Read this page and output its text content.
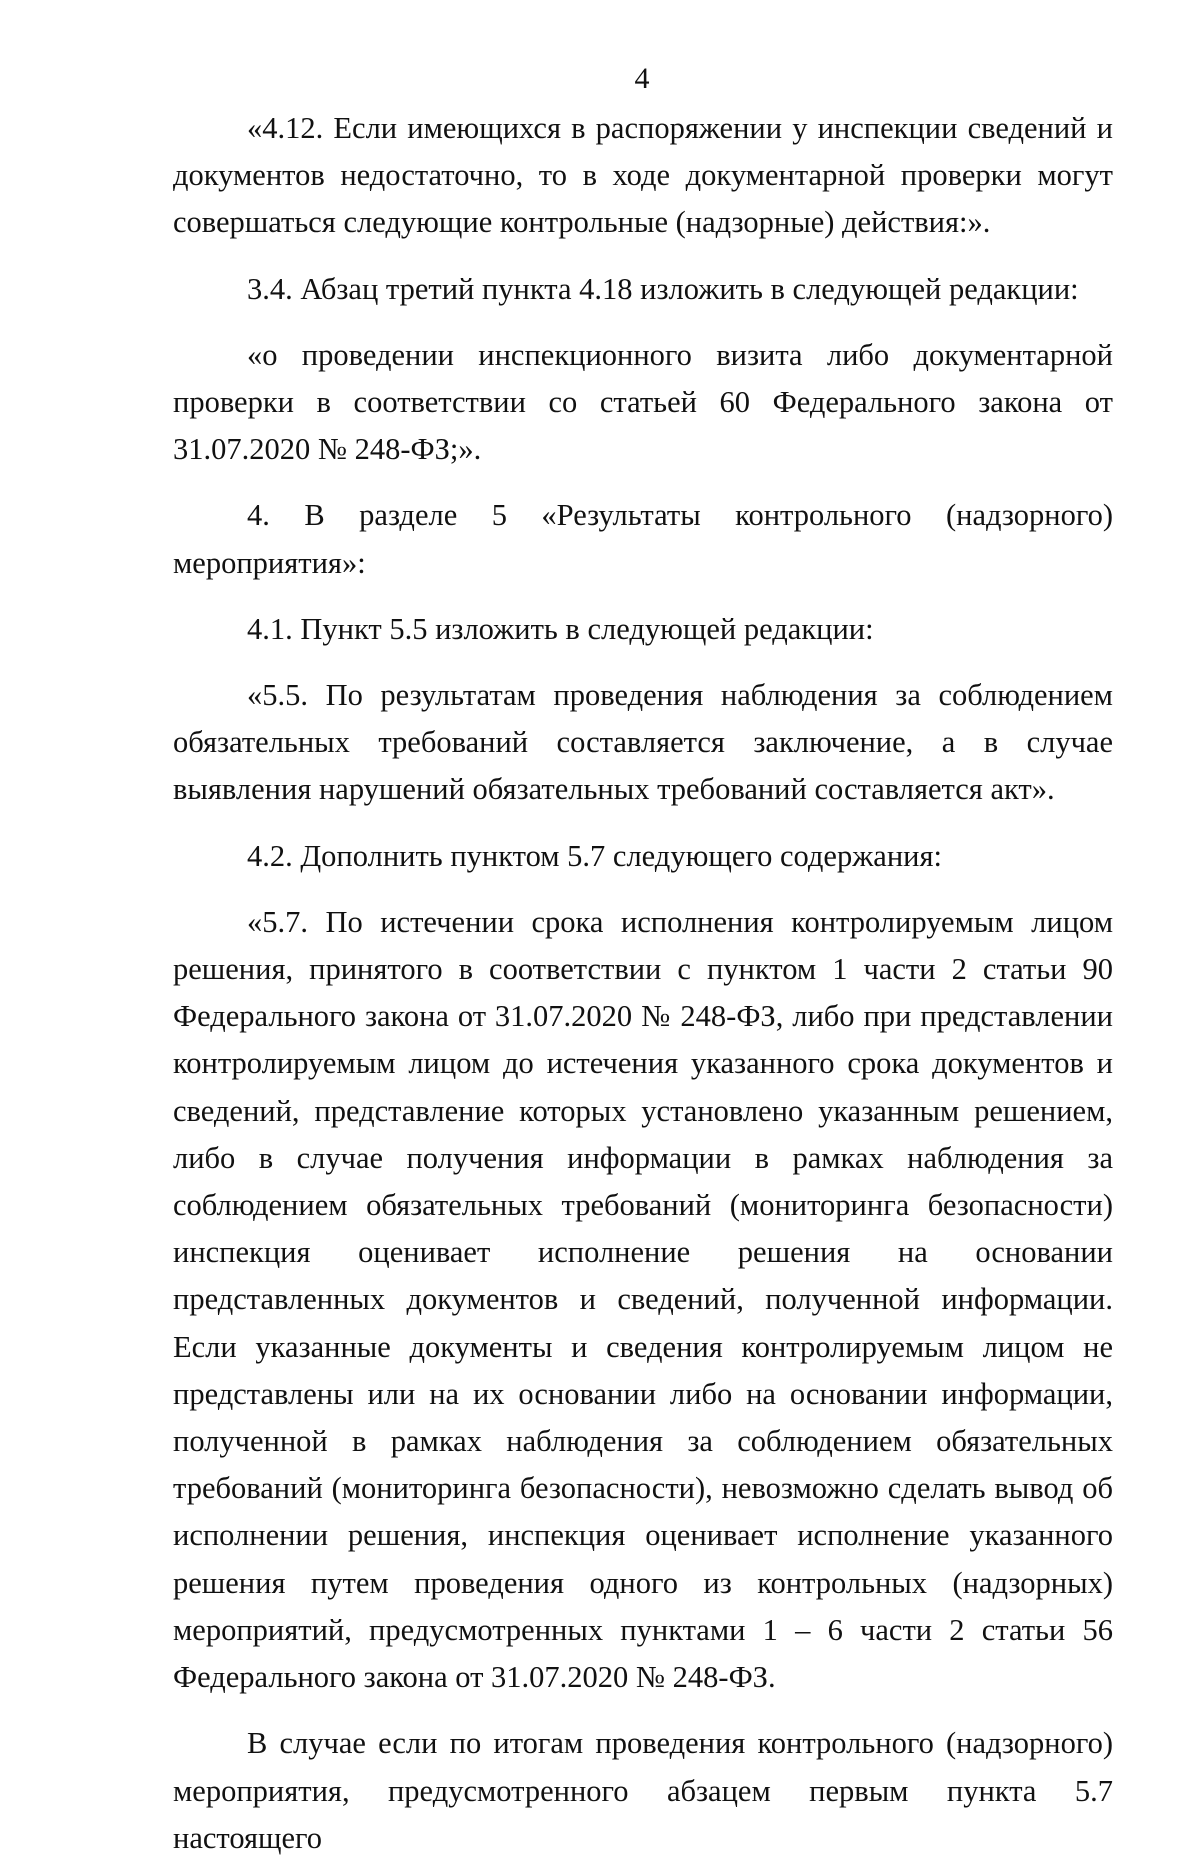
4

«4.12. Если имеющихся в распоряжении у инспекции сведений и документов недостаточно, то в ходе документарной проверки могут совершаться следующие контрольные (надзорные) действия:».

3.4. Абзац третий пункта 4.18 изложить в следующей редакции:

«о проведении инспекционного визита либо документарной проверки в соответствии со статьей 60 Федерального закона от 31.07.2020 № 248-ФЗ;».

4. В разделе 5 «Результаты контрольного (надзорного) мероприятия»:

4.1. Пункт 5.5 изложить в следующей редакции:

«5.5. По результатам проведения наблюдения за соблюдением обязательных требований составляется заключение, а в случае выявления нарушений обязательных требований составляется акт».

4.2. Дополнить пунктом 5.7 следующего содержания:

«5.7. По истечении срока исполнения контролируемым лицом решения, принятого в соответствии с пунктом 1 части 2 статьи 90 Федерального закона от 31.07.2020 № 248-ФЗ, либо при представлении контролируемым лицом до истечения указанного срока документов и сведений, представление которых установлено указанным решением, либо в случае получения информации в рамках наблюдения за соблюдением обязательных требований (мониторинга безопасности) инспекция оценивает исполнение решения на основании представленных документов и сведений, полученной информации. Если указанные документы и сведения контролируемым лицом не представлены или на их основании либо на основании информации, полученной в рамках наблюдения за соблюдением обязательных требований (мониторинга безопасности), невозможно сделать вывод об исполнении решения, инспекция оценивает исполнение указанного решения путем проведения одного из контрольных (надзорных) мероприятий, предусмотренных пунктами 1 – 6 части 2 статьи 56 Федерального закона от 31.07.2020 № 248-ФЗ.

В случае если по итогам проведения контрольного (надзорного) мероприятия, предусмотренного абзацем первым пункта 5.7 настоящего
